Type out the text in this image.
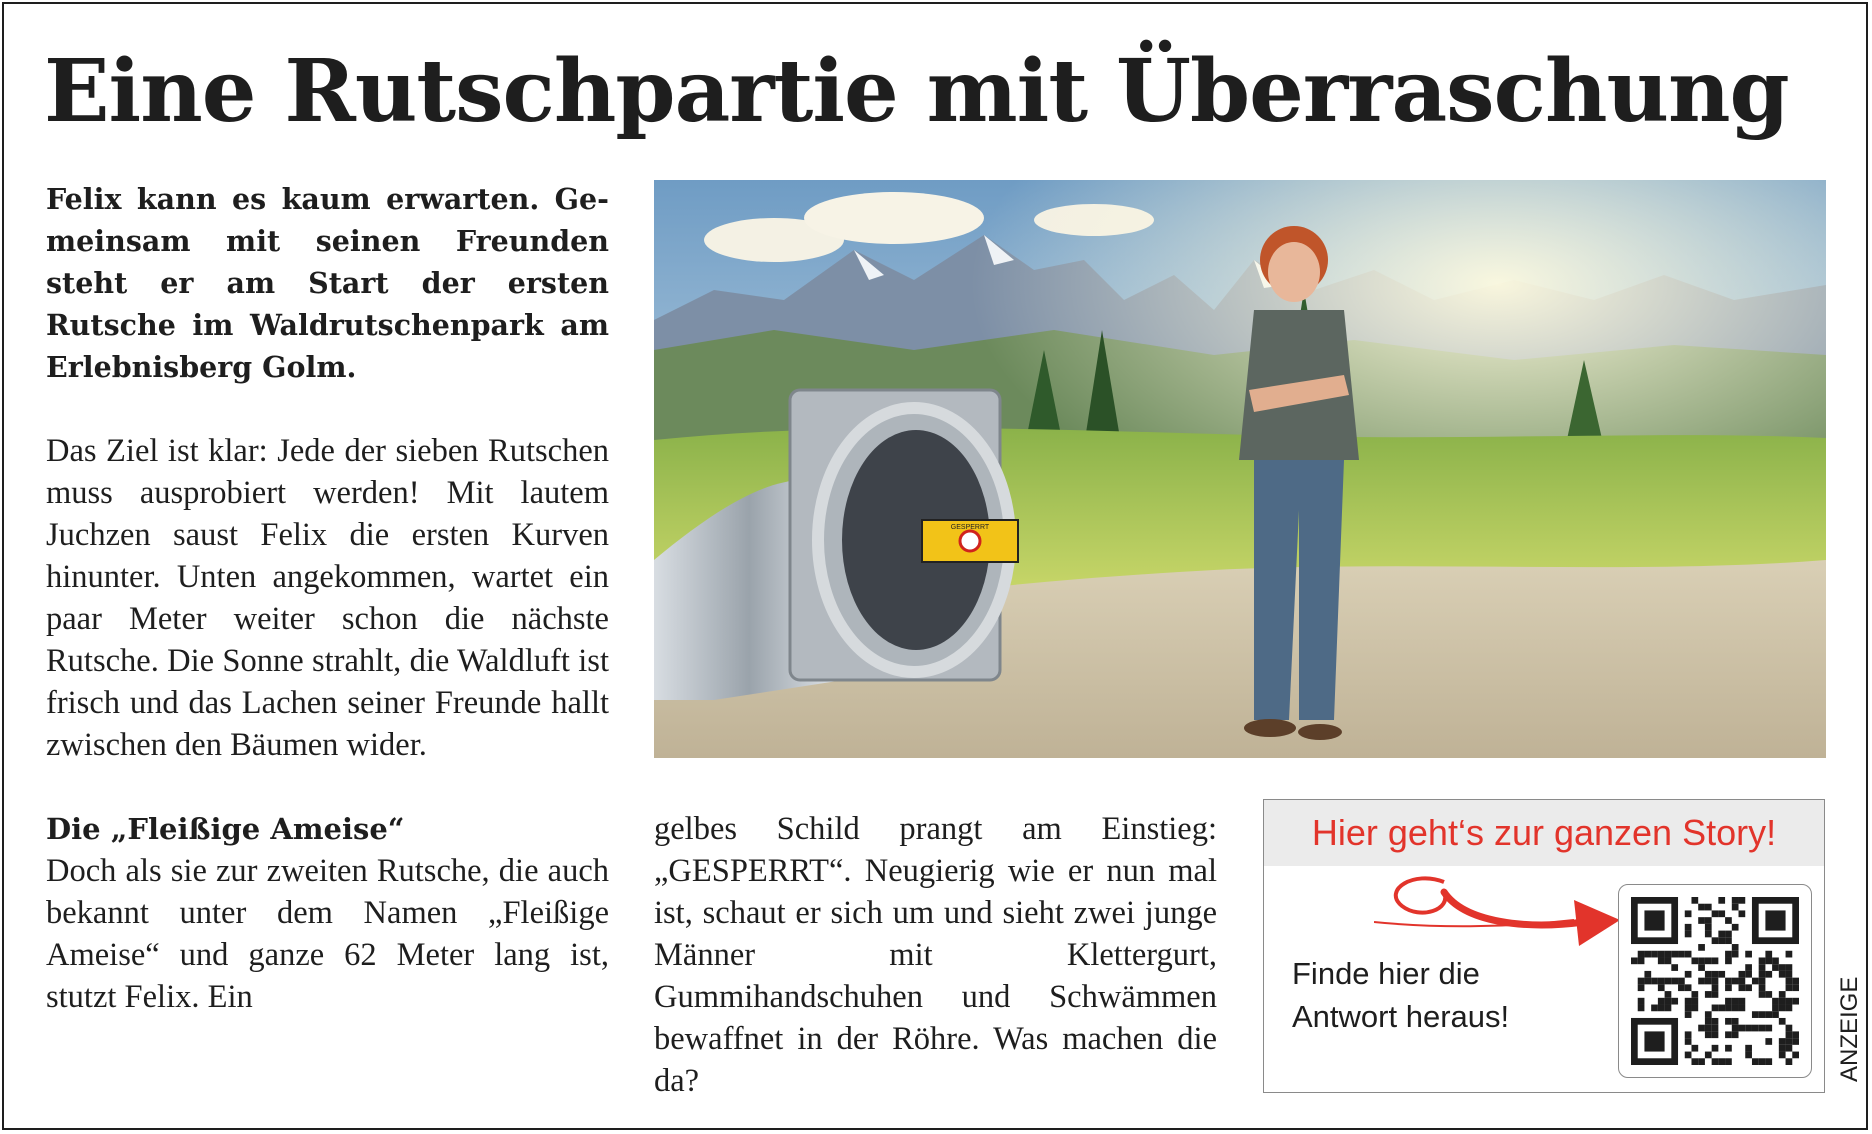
Eine Rutschpartie mit Überraschung

Felix kann es kaum erwarten. Gemeinsam mit seinen Freunden steht er am Start der ersten Rutsche im Waldrutschenpark am Erlebnisberg Golm.

Das Ziel ist klar: Jede der sieben Rutschen muss ausprobiert werden! Mit lautem Juchzen saust Felix die ersten Kurven hinunter. Unten angekommen, wartet ein paar Meter weiter schon die nächste Rutsche. Die Sonne strahlt, die Waldluft ist frisch und das Lachen seiner Freunde hallt zwischen den Bäumen wider.

Die „Fleißige Ameise“

Doch als sie zur zweiten Rutsche, die auch bekannt unter dem Namen „Fleißige Ameise“ und ganze 62 Meter lang ist, stutzt Felix. Ein

GESPERRT

gelbes Schild prangt am Einstieg: „GESPERRT“. Neugierig wie er nun mal ist, schaut er sich um und sieht zwei junge Männer mit Klettergurt, Gummihandschuhen und Schwämmen bewaffnet in der Röhre. Was machen die da?

Hier geht‘s zur ganzen Story!
Finde hier die Antwort heraus!	ANZEIGE
